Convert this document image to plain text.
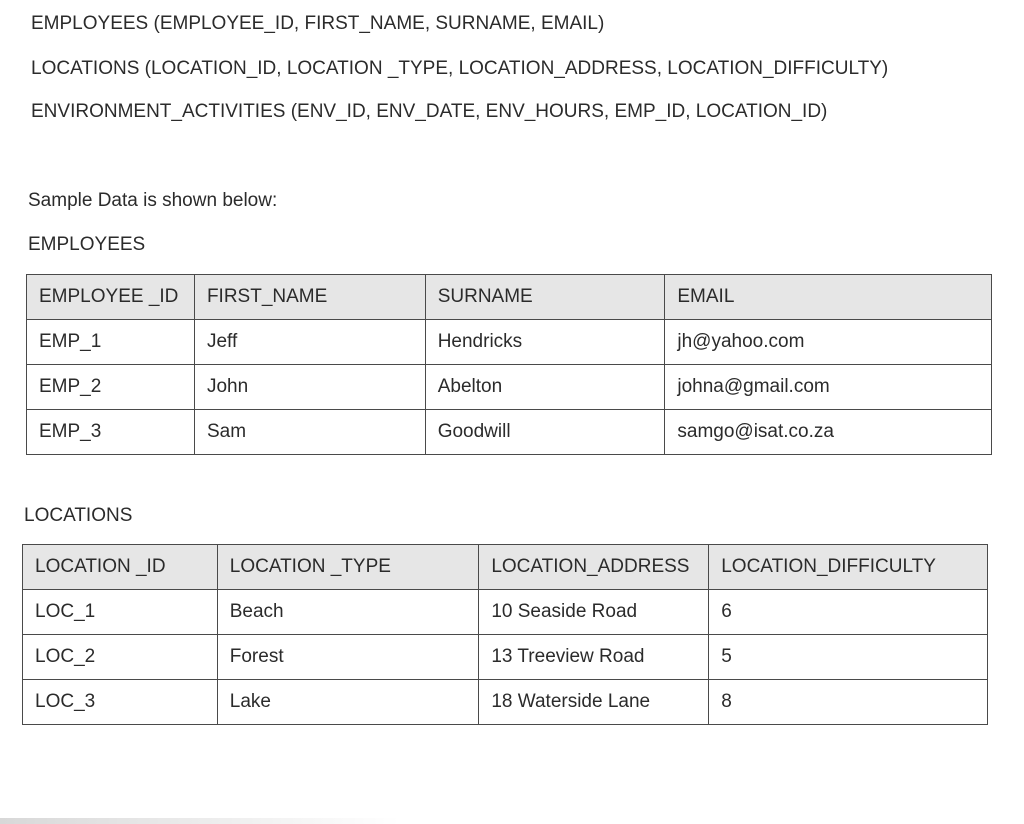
EMPLOYEES (EMPLOYEE_ID, FIRST_NAME, SURNAME, EMAIL)
LOCATIONS (LOCATION_ID, LOCATION _TYPE, LOCATION_ADDRESS, LOCATION_DIFFICULTY)
ENVIRONMENT_ACTIVITIES (ENV_ID, ENV_DATE, ENV_HOURS, EMP_ID, LOCATION_ID)
Sample Data is shown below:
EMPLOYEES
EMPLOYEE _ID	FIRST_NAME	SURNAME	EMAIL
EMP_1	Jeff	Hendricks	jh@yahoo.com
EMP_2	John	Abelton	johna@gmail.com
EMP_3	Sam	Goodwill	samgo@isat.co.za
LOCATIONS
LOCATION _ID	LOCATION _TYPE	LOCATION_ADDRESS	LOCATION_DIFFICULTY
LOC_1	Beach	10 Seaside Road	6
LOC_2	Forest	13 Treeview Road	5
LOC_3	Lake	18 Waterside Lane	8
